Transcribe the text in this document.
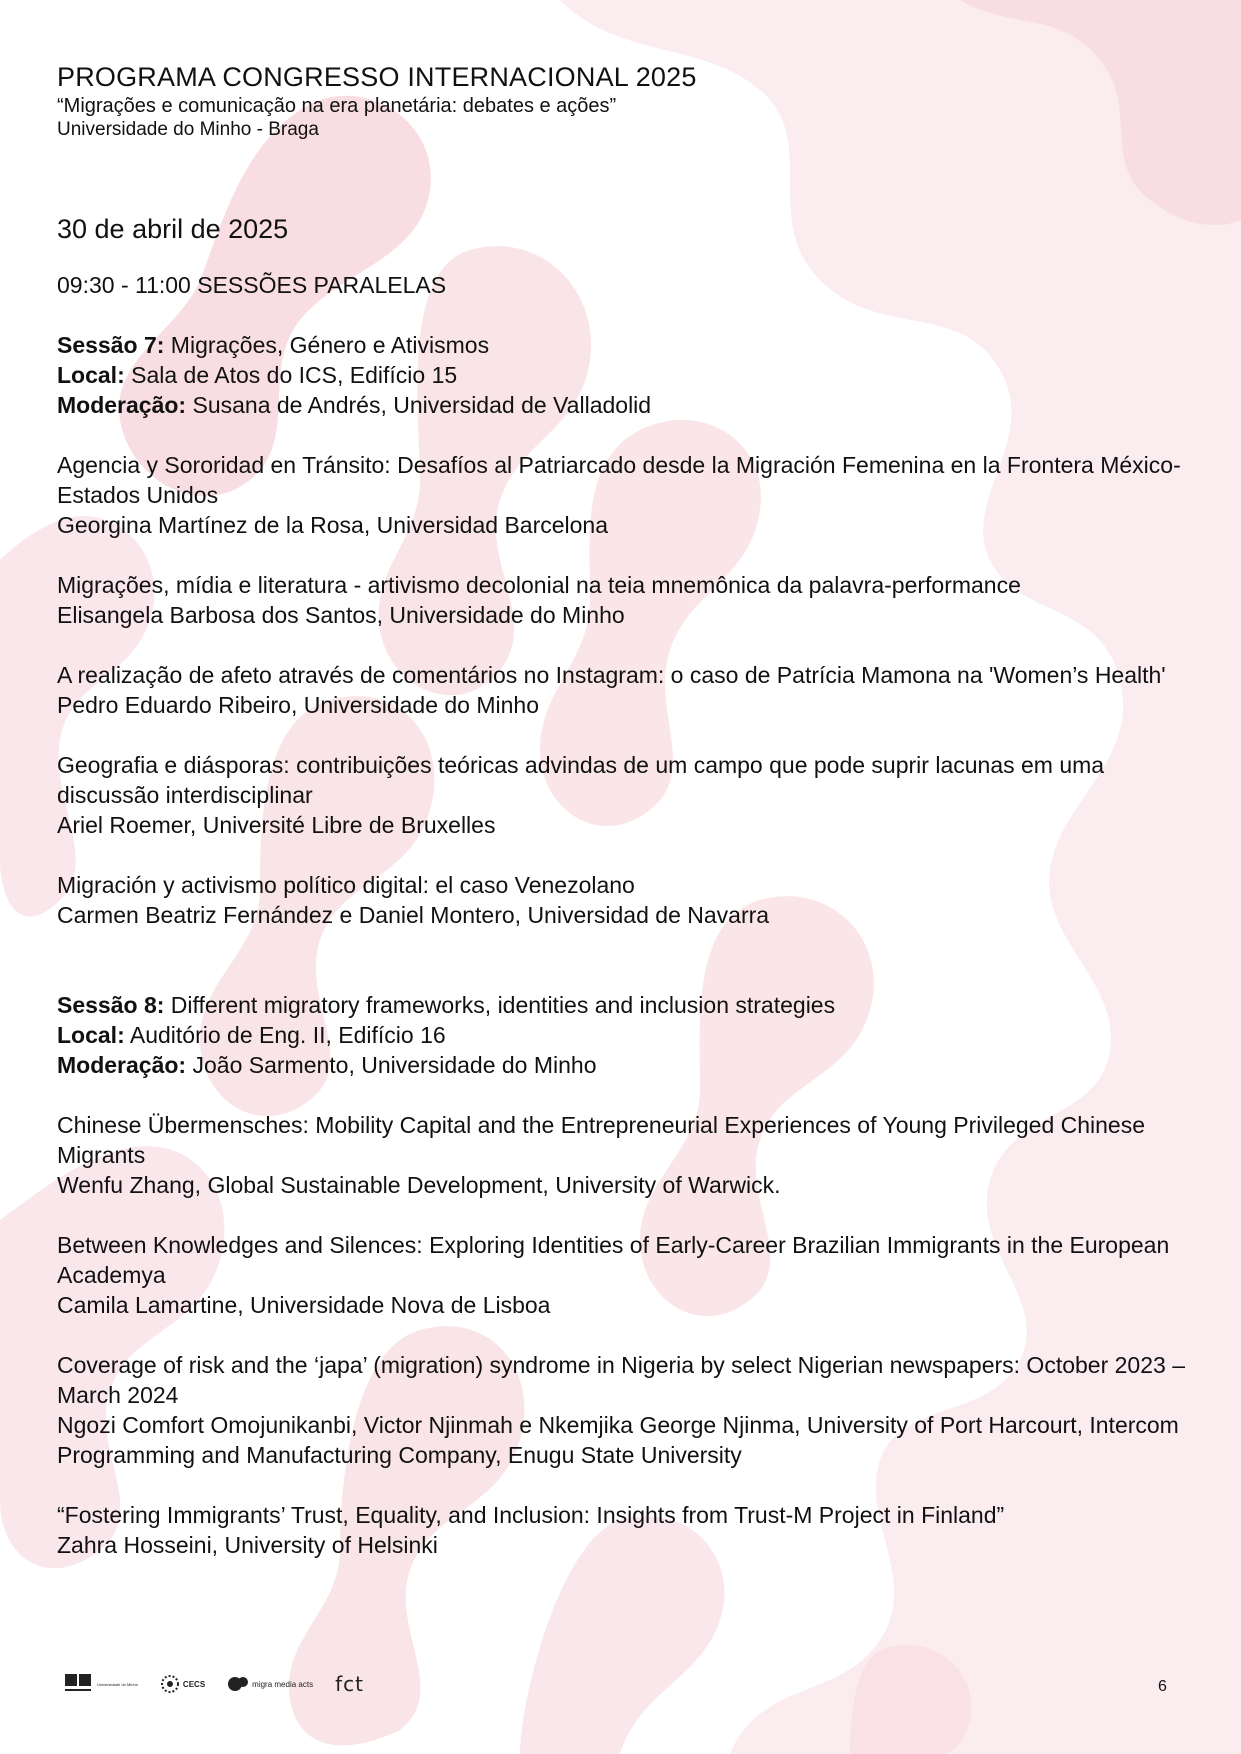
PROGRAMA CONGRESSO INTERNACIONAL 2025
“Migrações e comunicação na era planetária: debates e ações”
Universidade do Minho - Braga
30 de abril de 2025
09:30 - 11:00 SESSÕES PARALELAS
Sessão 7: Migrações, Género e Ativismos
Local: Sala de Atos do ICS, Edifício 15
Moderação: Susana de Andrés, Universidad de Valladolid
Agencia y Sororidad en Tránsito: Desafíos al Patriarcado desde la Migración Femenina en la Frontera México-Estados Unidos
Georgina Martínez de la Rosa, Universidad Barcelona
Migrações, mídia e literatura - artivismo decolonial na teia mnemônica da palavra-performance
Elisangela Barbosa dos Santos, Universidade do Minho
A realização de afeto através de comentários no Instagram: o caso de Patrícia Mamona na 'Women’s Health'
Pedro Eduardo Ribeiro, Universidade do Minho
Geografia e diásporas: contribuições teóricas advindas de um campo que pode suprir lacunas em uma discussão interdisciplinar
Ariel Roemer, Université Libre de Bruxelles
Migración y activismo político digital: el caso Venezolano
Carmen Beatriz Fernández e Daniel Montero, Universidad de Navarra
Sessão 8: Different migratory frameworks, identities and inclusion strategies
Local: Auditório de Eng. II, Edifício 16
Moderação: João Sarmento, Universidade do Minho
Chinese Übermensches: Mobility Capital and the Entrepreneurial Experiences of Young Privileged Chinese Migrants
Wenfu Zhang, Global Sustainable Development, University of Warwick.
Between Knowledges and Silences: Exploring Identities of Early-Career Brazilian Immigrants in the European Academya
Camila Lamartine, Universidade Nova de Lisboa
Coverage of risk and the ‘japa’ (migration) syndrome in Nigeria by select Nigerian newspapers: October 2023 – March 2024
Ngozi Comfort Omojunikanbi, Victor Njinmah e Nkemjika George Njinma, University of Port Harcourt, Intercom Programming and Manufacturing Company, Enugu State University
“Fostering Immigrants’ Trust, Equality, and Inclusion: Insights from Trust-M Project in Finland”
Zahra Hosseini, University of Helsinki
Universidade do Minho	CECS	migra media acts fct	6
